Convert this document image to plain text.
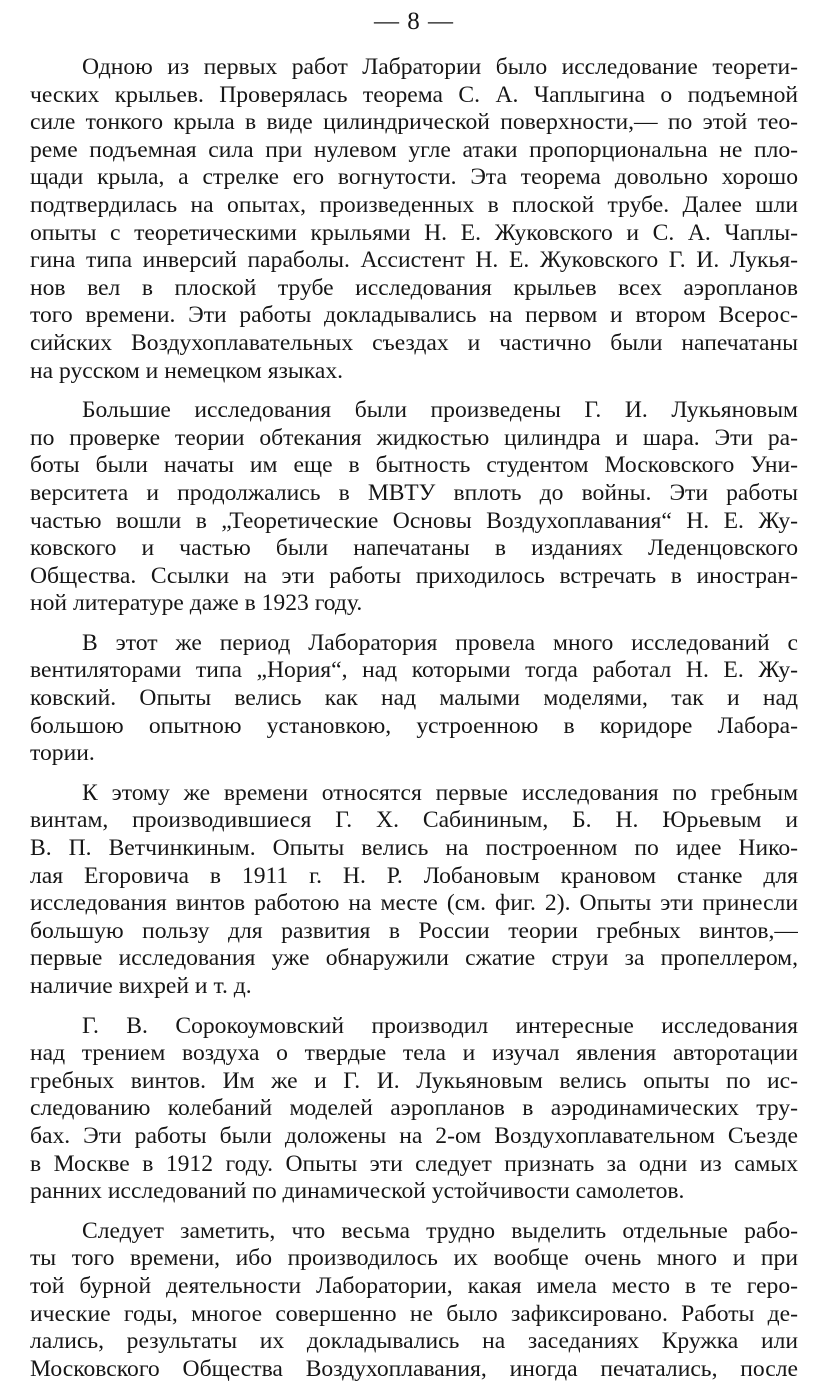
— 8 —
Одною из первых работ Лабратории было исследование теорети-
ческих крыльев. Проверялась теорема С. А. Чаплыгина о подъемной
силе тонкого крыла в виде цилиндрической поверхности,— по этой тео-
реме подъемная сила при нулевом угле атаки пропорциональна не пло-
щади крыла, а стрелке его вогнутости. Эта теорема довольно хорошо
подтвердилась на опытах, произведенных в плоской трубе. Далее шли
опыты с теоретическими крыльями Н. Е. Жуковского и С. А. Чаплы-
гина типа инверсий параболы. Ассистент Н. Е. Жуковского Г. И. Лукья-
нов вел в плоской трубе исследования крыльев всех аэропланов
того времени. Эти работы докладывались на первом и втором Всерос-
сийских Воздухоплавательных съездах и частично были напечатаны
на русском и немецком языках.
Большие исследования были произведены Г. И. Лукьяновым
по проверке теории обтекания жидкостью цилиндра и шара. Эти ра-
боты были начаты им еще в бытность студентом Московского Уни-
верситета и продолжались в МВТУ вплоть до войны. Эти работы
частью вошли в „Теоретические Основы Воздухоплавания“ Н. Е. Жу-
ковского и частью были напечатаны в изданиях Леденцовского
Общества. Ссылки на эти работы приходилось встречать в иностран-
ной литературе даже в 1923 году.
В этот же период Лаборатория провела много исследований с
вентиляторами типа „Нория“, над которыми тогда работал Н. Е. Жу-
ковский. Опыты велись как над малыми моделями, так и над
большою опытною установкою, устроенною в коридоре Лабора-
тории.
К этому же времени относятся первые исследования по гребным
винтам, производившиеся Г. Х. Сабининым, Б. Н. Юрьевым и
В. П. Ветчинкиным. Опыты велись на построенном по идее Нико-
лая Егоровича в 1911 г. Н. Р. Лобановым крановом станке для
исследования винтов работою на месте (см. фиг. 2). Опыты эти принесли
большую пользу для развития в России теории гребных винтов,—
первые исследования уже обнаружили сжатие струи за пропеллером,
наличие вихрей и т. д.
Г. В. Сорокоумовский производил интересные исследования
над трением воздуха о твердые тела и изучал явления авторотации
гребных винтов. Им же и Г. И. Лукьяновым велись опыты по ис-
следованию колебаний моделей аэропланов в аэродинамических тру-
бах. Эти работы были доложены на 2-ом Воздухоплавательном Съезде
в Москве в 1912 году. Опыты эти следует признать за одни из самых
ранних исследований по динамической устойчивости самолетов.
Следует заметить, что весьма трудно выделить отдельные рабо-
ты того времени, ибо производилось их вообще очень много и при
той бурной деятельности Лаборатории, какая имела место в те геро-
ические годы, многое совершенно не было зафиксировано. Работы де-
лались, результаты их докладывались на заседаниях Кружка или
Московского Общества Воздухоплавания, иногда печатались, после
